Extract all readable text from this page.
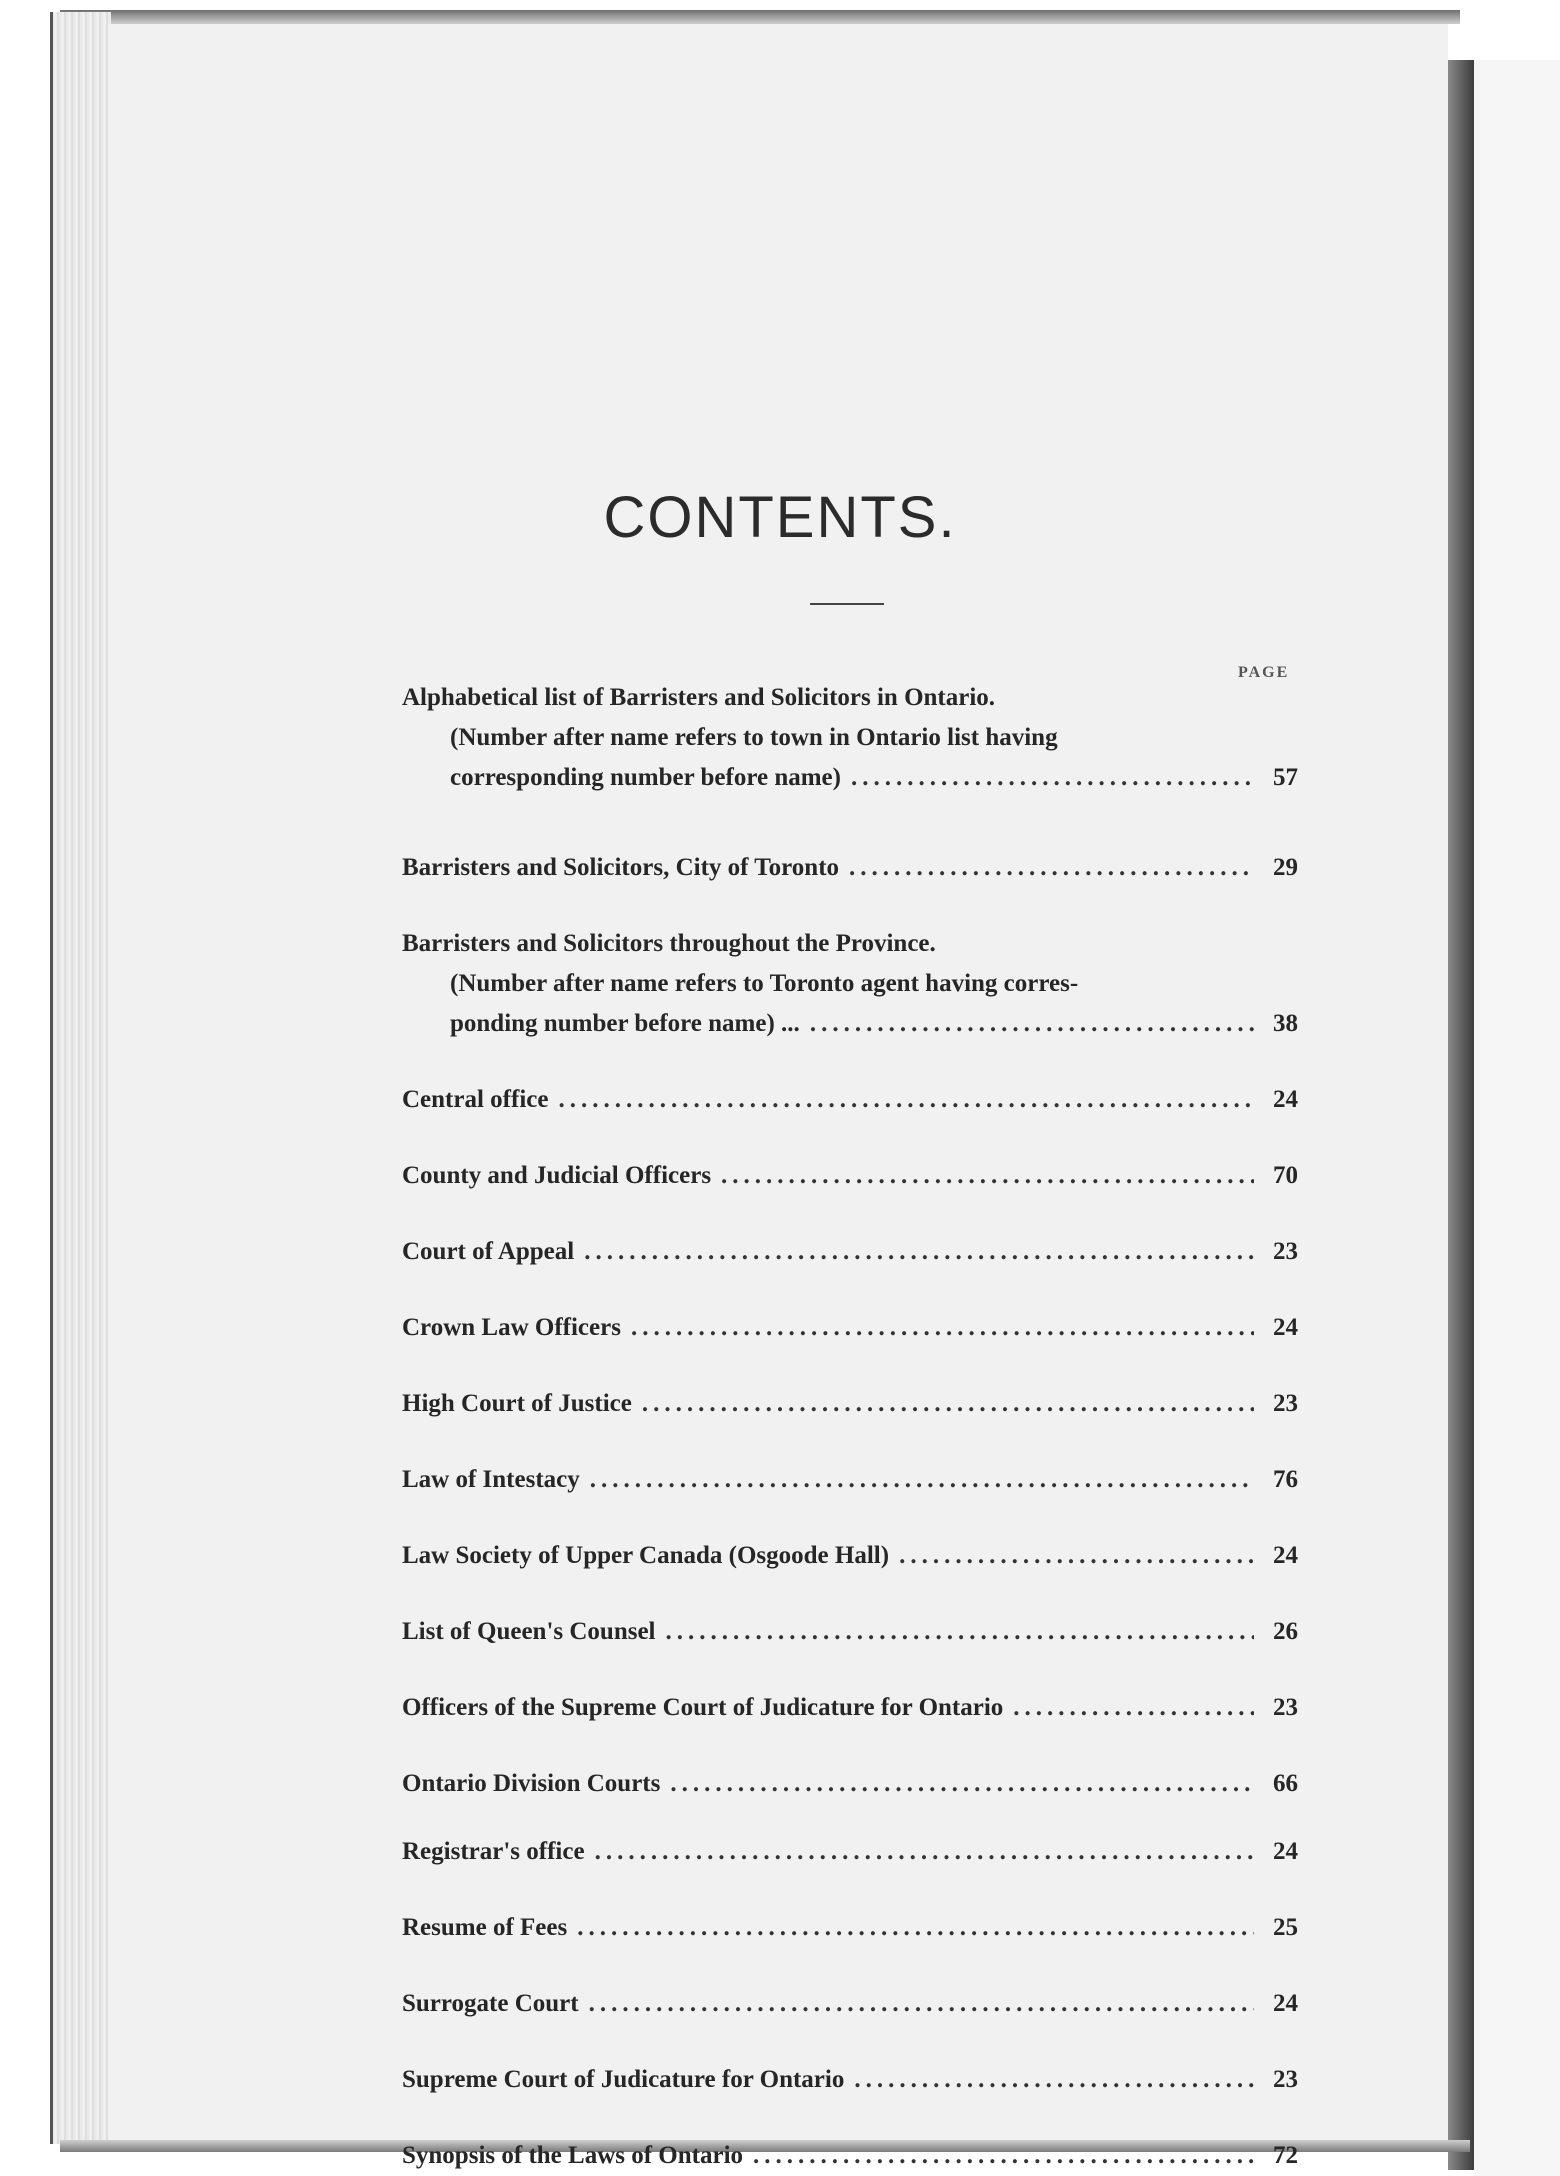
CONTENTS.
PAGE
Alphabetical list of Barristers and Solicitors in Ontario.
(Number after name refers to town in Ontario list having
corresponding number before name) .....	57
Barristers and Solicitors, City of Toronto .....	29
Barristers and Solicitors throughout the Province.
(Number after name refers to Toronto agent having corres-
ponding number before name) ... .....	38
Central office .....	24
County and Judicial Officers .....	70
Court of Appeal .....	23
Crown Law Officers .....	24
High Court of Justice .....	23
Law of Intestacy .....	76
Law Society of Upper Canada (Osgoode Hall) .....	24
List of Queen's Counsel .....	26
Officers of the Supreme Court of Judicature for Ontario .....	23
Ontario Division Courts .....	66
Registrar's office .....	24
Resume of Fees .....	25
Surrogate Court .....	24
Supreme Court of Judicature for Ontario .....	23
Synopsis of the Laws of Ontario .....	72
